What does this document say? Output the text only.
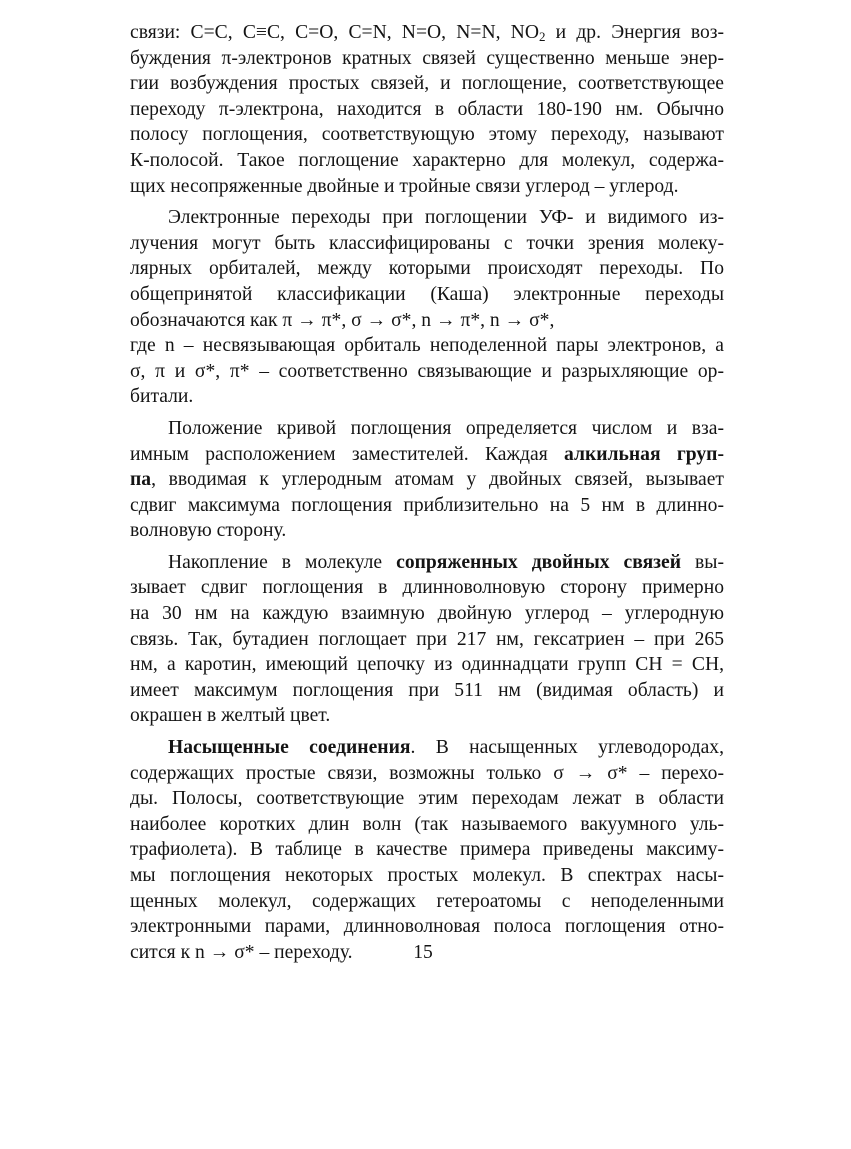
связи: C=C, C≡C, C=O, C=N, N=O, N=N, $NO_2$ и др. Энергия воз-
буждения π-электронов кратных связей существенно меньше энер-
гии возбуждения простых связей, и поглощение, соответствующее
переходу π-электрона, находится в области 180-190 нм. Обычно
полосу поглощения, соответствующую этому переходу, называют
К-полосой. Такое поглощение характерно для молекул, содержа-
щих несопряженные двойные и тройные связи углерод – углерод.

Электронные переходы при поглощении УФ- и видимого из-
лучения могут быть классифицированы с точки зрения молеку-
лярных орбиталей, между которыми происходят переходы. По
общепринятой классификации (Каша) электронные переходы
обозначаются как π → π*, σ → σ*, n → π*, n → σ*,
где n – несвязывающая орбиталь неподеленной пары электронов, а
σ, π и σ*, π* – соответственно связывающие и разрыхляющие ор-
битали.

Положение кривой поглощения определяется числом и вза-
имным расположением заместителей. Каждая алкильная груп-
па, вводимая к углеродным атомам у двойных связей, вызывает
сдвиг максимума поглощения приблизительно на 5 нм в длинно-
волновую сторону.

Накопление в молекуле сопряженных двойных связей вы-
зывает сдвиг поглощения в длинноволновую сторону примерно
на 30 нм на каждую взаимную двойную углерод – углеродную
связь. Так, бутадиен поглощает при 217 нм, гексатриен – при 265
нм, а каротин, имеющий цепочку из одиннадцати групп CH = CH,
имеет максимум поглощения при 511 нм (видимая область) и
окрашен в желтый цвет.

Насыщенные соединения. В насыщенных углеводородах,
содержащих простые связи, возможны только σ → σ* – перехо-
ды. Полосы, соответствующие этим переходам лежат в области
наиболее коротких длин волн (так называемого вакуумного уль-
трафиолета). В таблице в качестве примера приведены максиму-
мы поглощения некоторых простых молекул. В спектрах насы-
щенных молекул, содержащих гетероатомы с неподеленными
электронными парами, длинноволновая полоса поглощения отно-
сится к n → σ* – переходу.	15
